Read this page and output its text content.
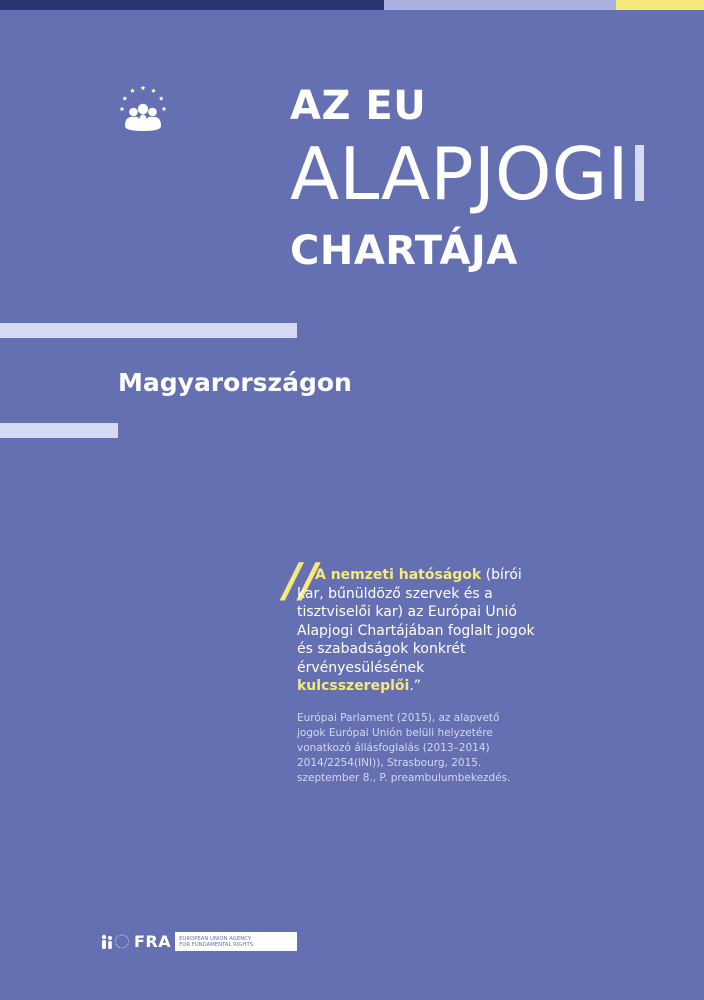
AZ EU
ALAPJOGI
CHARTÁJA
Magyarországon
//

A nemzeti hatóságok (bírói kar, bűnüldöző szervek és a tisztviselői kar) az Európai Unió Alapjogi Chartájában foglalt jogok és szabadságok konkrét érvényesülésének kulcsszereplői.”

Európai Parlament (2015), az alapvető jogok Európai Unión belüli helyzetére vonatkozó állásfoglalás (2013–2014) 2014/2254(INI)), Strasbourg, 2015. szeptember 8., P. preambulumbekezdés.

FRA	EUROPEAN UNION AGENCY
FOR FUNDAMENTAL RIGHTS
